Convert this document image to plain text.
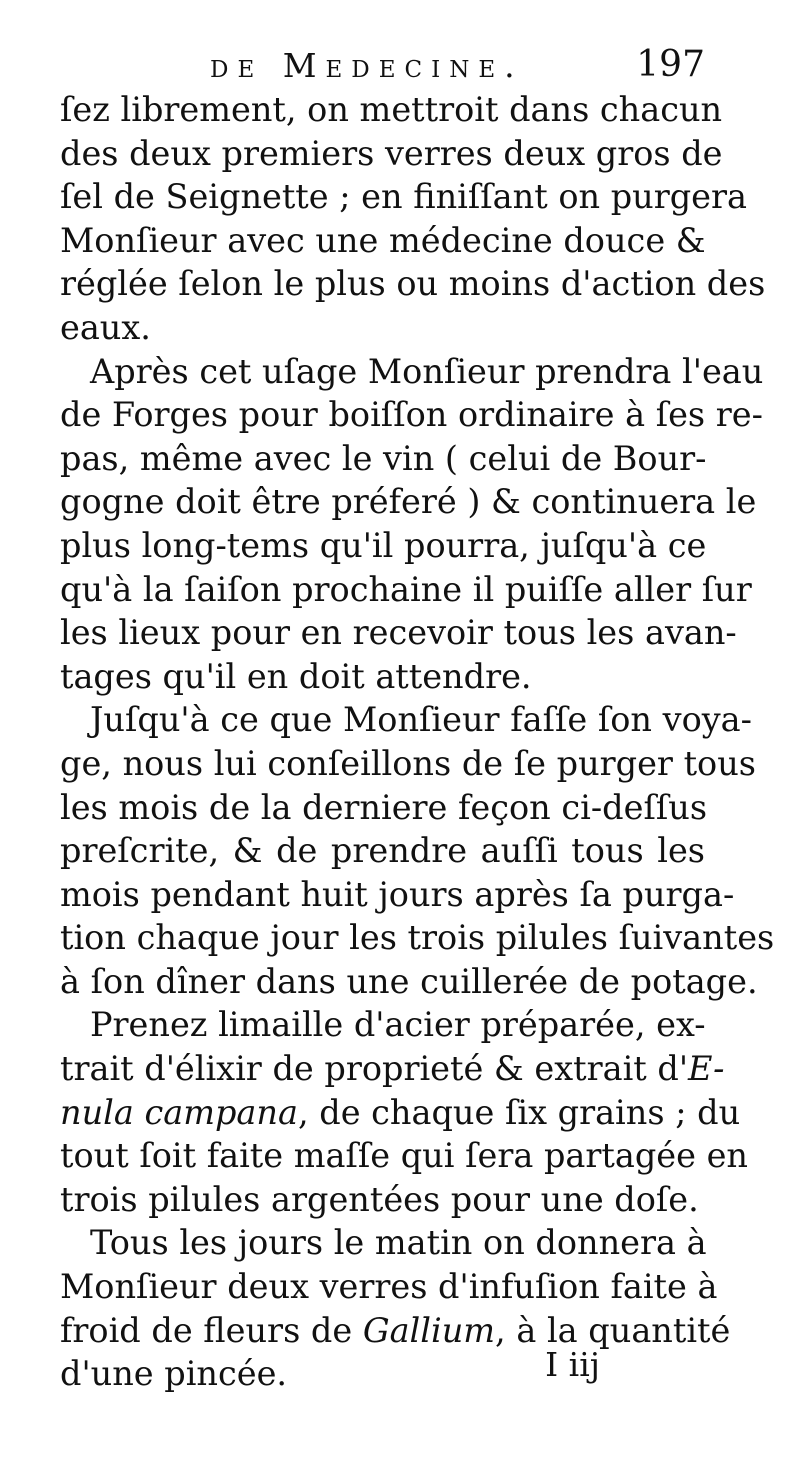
de Medecine.	197
ſez librement, on mettroit dans chacun
des deux premiers verres deux gros de
ſel de Seignette ; en finiſſant on purgera
Monſieur avec une médecine douce &
réglée ſelon le plus ou moins d'action des
eaux.
Après cet uſage Monſieur prendra l'eau
de Forges pour boiſſon ordinaire à ſes re-
pas, même avec le vin ( celui de Bour-
gogne doit être préferé ) & continuera le
plus long-tems qu'il pourra, juſqu'à ce
qu'à la ſaiſon prochaine il puiſſe aller ſur
les lieux pour en recevoir tous les avan-
tages qu'il en doit attendre.
Juſqu'à ce que Monſieur faſſe ſon voya-
ge, nous lui conſeillons de ſe purger tous
les mois de la derniere feçon ci-deſſus
preſcrite, & de prendre auſſi tous les
mois pendant huit jours après ſa purga-
tion chaque jour les trois pilules ſuivantes
à ſon dîner dans une cuillerée de potage.
Prenez limaille d'acier préparée, ex-
trait d'élixir de proprieté & extrait d'E-
nula campana, de chaque ſix grains ; du
tout ſoit faite maſſe qui ſera partagée en
trois pilules argentées pour une doſe.
Tous les jours le matin on donnera à
Monſieur deux verres d'infuſion faite à
froid de fleurs de Gallium, à la quantité
d'une pincée.	I iij
